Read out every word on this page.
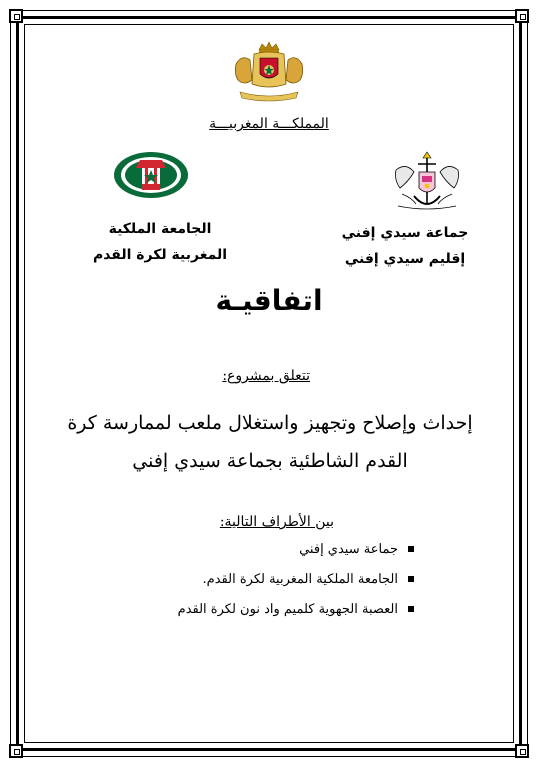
المملكـــة المغربيـــة
الجامعة الملكية
المغربية لكرة القدم
جماعة سيدي إفني
إقليم سيدي إفني
اتفاقيـة
تتعلق بمشروع:
إحداث وإصلاح وتجهيز واستغلال ملعب لممارسة كرة
القدم الشاطئية بجماعة سيدي إفني
بين الأطراف التالية:
جماعة سيدي إفني
الجامعة الملكية المغربية لكرة القدم.
العصبة الجهوية كلميم واد نون لكرة القدم
